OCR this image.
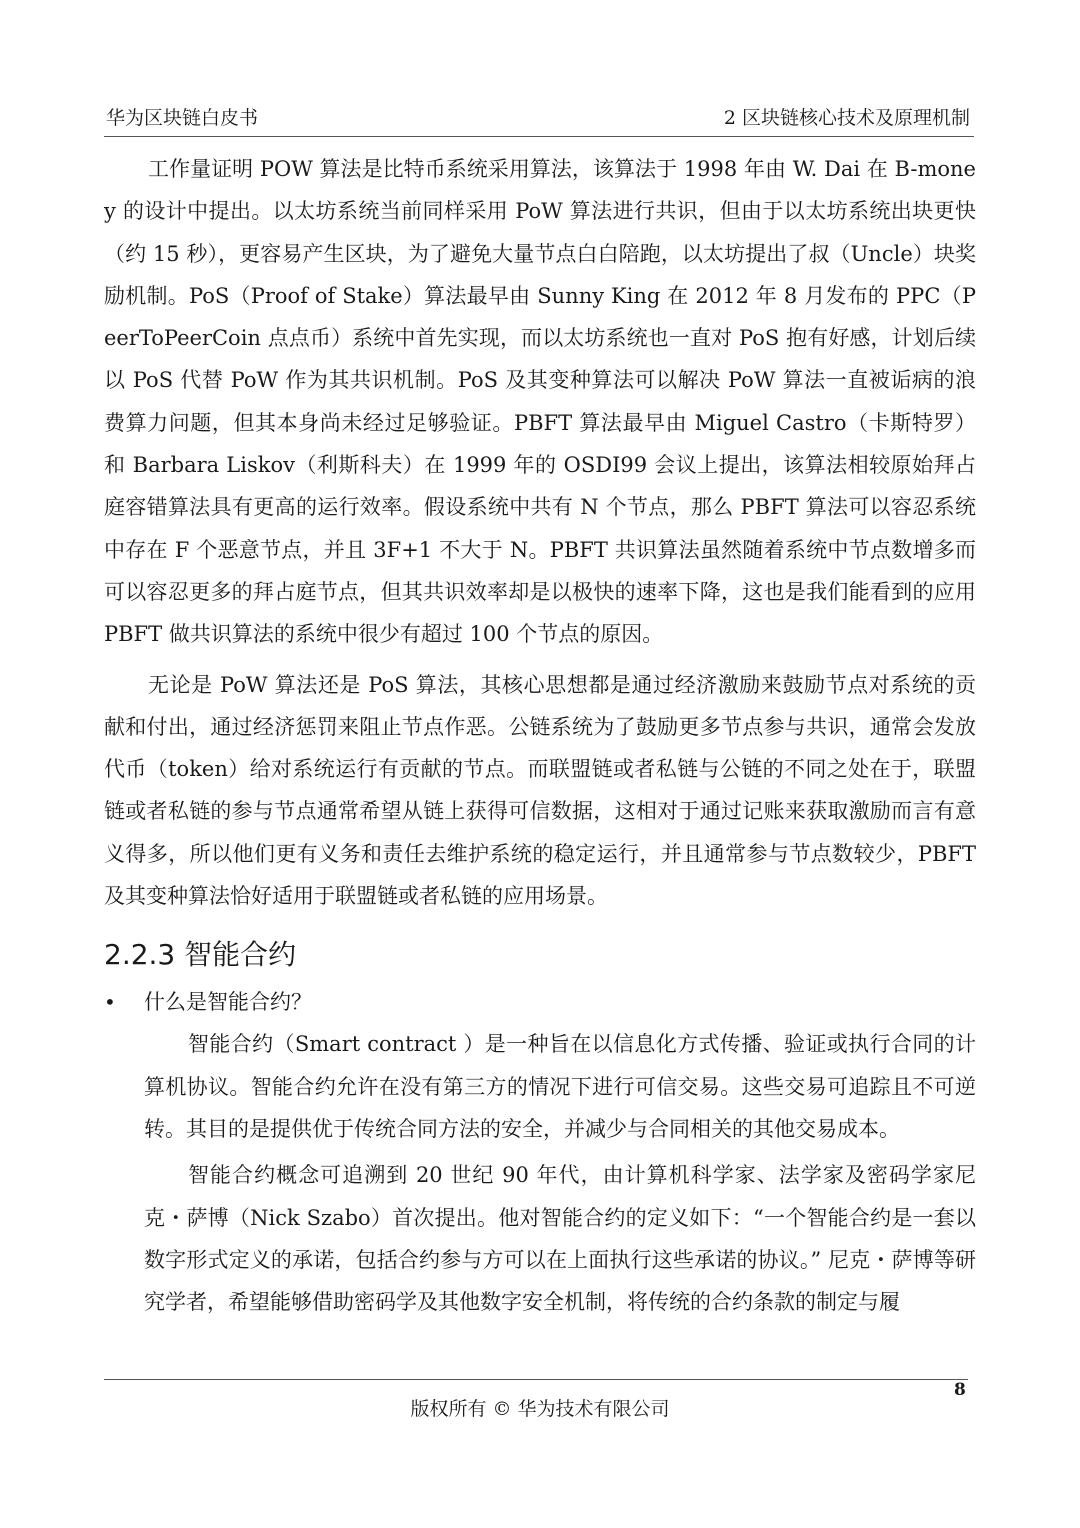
华为区块链白皮书	2 区块链核心技术及原理机制

工作量证明 POW 算法是比特币系统采用算法，该算法于 1998 年由 W. Dai 在 B-money 的设计中提出。以太坊系统当前同样采用 PoW 算法进行共识，但由于以太坊系统出块更快（约 15 秒），更容易产生区块，为了避免大量节点白白陪跑，以太坊提出了叔（Uncle）块奖励机制。PoS（Proof of Stake）算法最早由 Sunny King 在 2012 年 8 月发布的 PPC（PeerToPeerCoin 点点币）系统中首先实现，而以太坊系统也一直对 PoS 抱有好感，计划后续以 PoS 代替 PoW 作为其共识机制。PoS 及其变种算法可以解决 PoW 算法一直被诟病的浪费算力问题，但其本身尚未经过足够验证。PBFT 算法最早由 Miguel Castro（卡斯特罗）和 Barbara Liskov（利斯科夫）在 1999 年的 OSDI99 会议上提出，该算法相较原始拜占庭容错算法具有更高的运行效率。假设系统中共有 N 个节点，那么 PBFT 算法可以容忍系统中存在 F 个恶意节点，并且 3F+1 不大于 N。PBFT 共识算法虽然随着系统中节点数增多而可以容忍更多的拜占庭节点，但其共识效率却是以极快的速率下降，这也是我们能看到的应用 PBFT 做共识算法的系统中很少有超过 100 个节点的原因。

无论是 PoW 算法还是 PoS 算法，其核心思想都是通过经济激励来鼓励节点对系统的贡献和付出，通过经济惩罚来阻止节点作恶。公链系统为了鼓励更多节点参与共识，通常会发放代币（token）给对系统运行有贡献的节点。而联盟链或者私链与公链的不同之处在于，联盟链或者私链的参与节点通常希望从链上获得可信数据，这相对于通过记账来获取激励而言有意义得多，所以他们更有义务和责任去维护系统的稳定运行，并且通常参与节点数较少，PBFT 及其变种算法恰好适用于联盟链或者私链的应用场景。

2.2.3 智能合约
• 什么是智能合约？

智能合约（Smart contract ）是一种旨在以信息化方式传播、验证或执行合同的计算机协议。智能合约允许在没有第三方的情况下进行可信交易。这些交易可追踪且不可逆转。其目的是提供优于传统合同方法的安全，并减少与合同相关的其他交易成本。

智能合约概念可追溯到 20 世纪 90 年代，由计算机科学家、法学家及密码学家尼克・萨博（Nick Szabo）首次提出。他对智能合约的定义如下：“一个智能合约是一套以数字形式定义的承诺，包括合约参与方可以在上面执行这些承诺的协议。” 尼克・萨博等研究学者，希望能够借助密码学及其他数字安全机制，将传统的合约条款的制定与履

8
版权所有 © 华为技术有限公司
